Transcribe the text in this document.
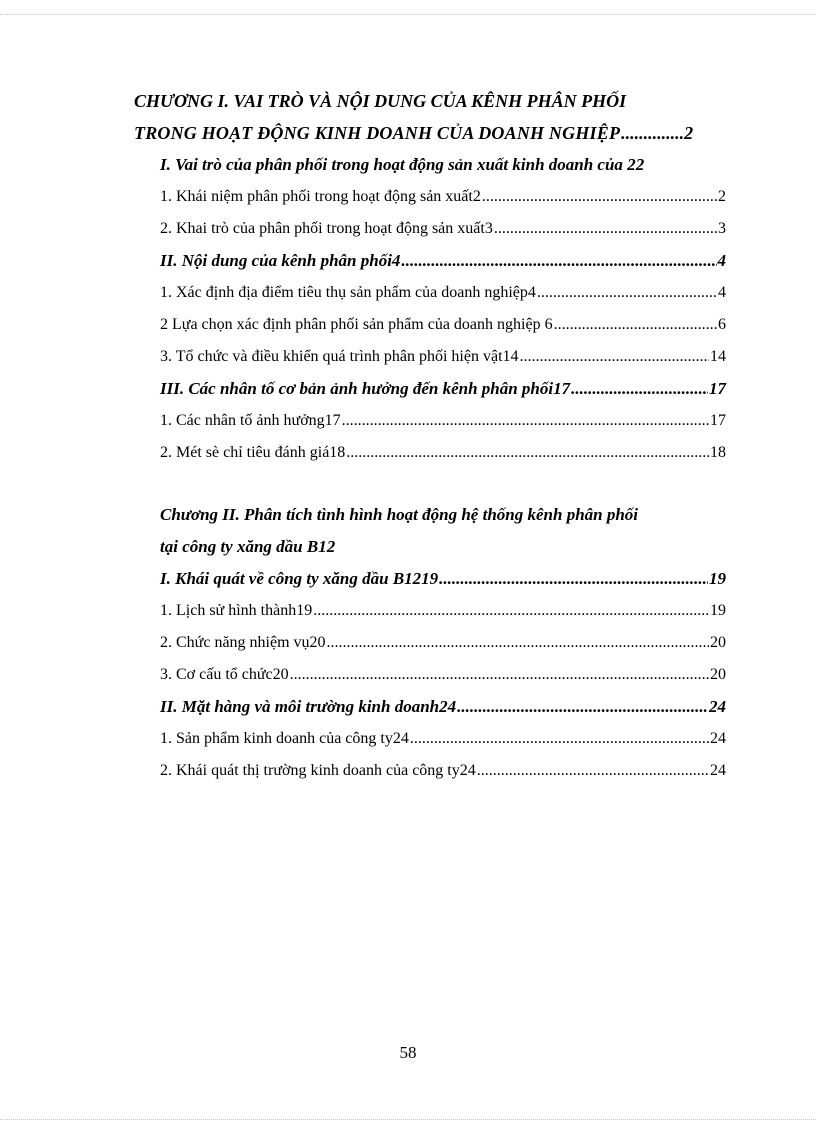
CHƯƠNG I. VAI TRÒ VÀ NỘI DUNG CỦA KÊNH PHÂN PHỐI
TRONG HOẠT ĐỘNG KINH DOANH CỦA DOANH NGHIỆP .....	2
I. Vai trò của phân phối trong hoạt động sản xuất kinh doanh của 2 2
1. Khái niệm phân phối trong hoạt động sản xuất2 .....	2
2. Khai trò của phân phối trong hoạt động sản xuất3 .....	3
II. Nội dung của kênh phân phối4 .....	4
1. Xác định địa điểm tiêu thụ sản phẩm của doanh nghiệp4 .....	4
2 Lựa chọn xác định phân phối sản phẩm của doanh nghiệp 6 .....	6
3. Tổ chức và điều khiển quá trình phân phối hiện vật14 .....	14
III. Các nhân tố cơ bản ảnh hưởng đến kênh phân phối17 .....	17
1. Các nhân tố ảnh hưởng17 .....	17
2. Mét sè chỉ tiêu đánh giá18 .....	18
Chương II. Phân tích tình hình hoạt động hệ thống kênh phân phối
tại công ty xăng dầu B12
I. Khái quát về công ty xăng dầu B1219 .....	19
1. Lịch sử hình thành19 .....	19
2. Chức năng nhiệm vụ20 .....	20
3. Cơ cấu tổ chức20 .....	20
II. Mặt hàng và môi trường kinh doanh24 .....	24
1. Sản phẩm kinh doanh của công ty24 .....	24
2. Khái quát thị trường kinh doanh của công ty24 .....	24
58
